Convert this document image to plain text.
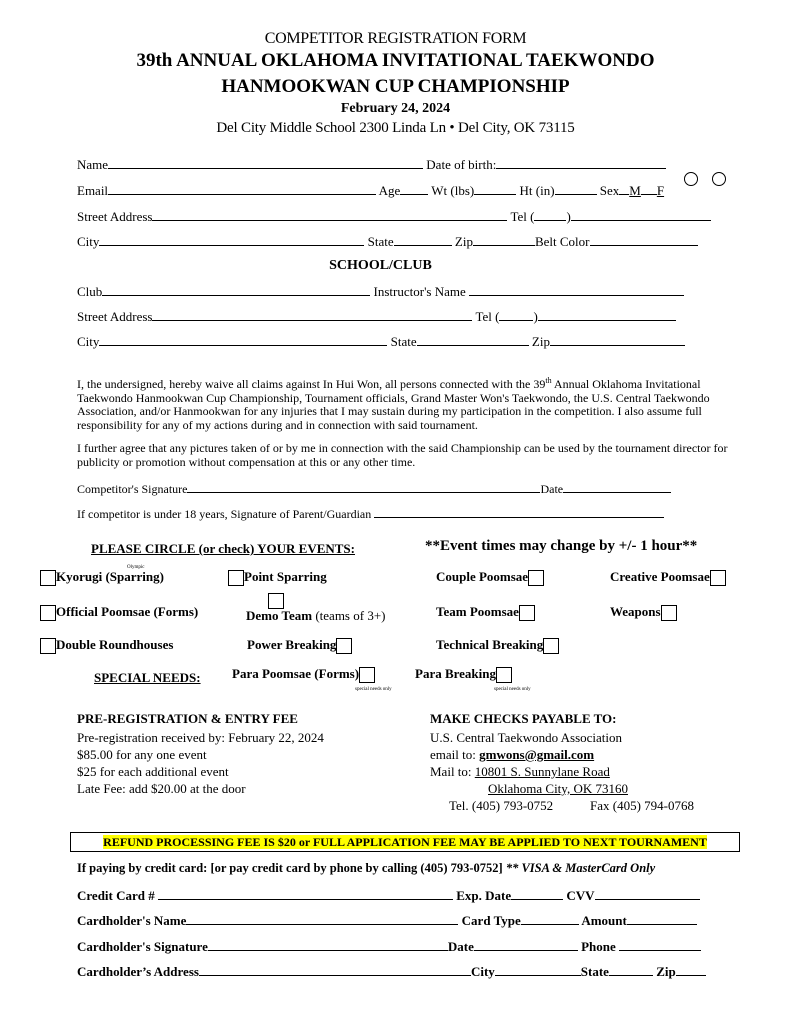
COMPETITOR REGISTRATION FORM
39th ANNUAL OKLAHOMA INVITATIONAL TAEKWONDO
HANMOOKWAN CUP CHAMPIONSHIP
February 24, 2024
Del City Middle School 2300 Linda Ln • Del City, OK 73115
Name	Date of birth:
Email	Age Wt (lbs)	Ht (in)	Sex M F
Street Address	Tel ( )
City	State	Zip	Belt Color
SCHOOL/CLUB
Club	Instructor's Name
Street Address	Tel (	)
City	State	Zip
I, the undersigned, hereby waive all claims against In Hui Won, all persons connected with the 39th Annual Oklahoma Invitational Taekwondo Hanmookwan Cup Championship, Tournament officials, Grand Master Won's Taekwondo, the U.S. Central Taekwondo Association, and/or Hanmookwan for any injuries that I may sustain during my participation in the competition. I also assume full responsibility for any of my actions during and in connection with said tournament.
I further agree that any pictures taken of or by me in connection with the said Championship can be used by the tournament director for publicity or promotion without compensation at this or any other time.
Competitor's Signature	Date
If competitor is under 18 years, Signature of Parent/Guardian
PLEASE CIRCLE (or check) YOUR EVENTS:	**Event times may change by +/- 1 hour**
Olympic
Kyorugi (Sparring)	Point Sparring	Couple Poomsae	Creative Poomsae
Official Poomsae (Forms)	Demo Team (teams of 3+)	Team Poomsae	Weapons
Double Roundhouses	Power Breaking	Technical Breaking
SPECIAL NEEDS: Para Poomsae (Forms)
special needs only
Para Breaking
special needs only
PRE-REGISTRATION & ENTRY FEE
Pre-registration received by: February 22, 2024
$85.00 for any one event
$25 for each additional event
Late Fee: add $20.00 at the door
MAKE CHECKS PAYABLE TO:
U.S. Central Taekwondo Association
email to: gmwons@gmail.com
Mail to: 10801 S. Sunnylane Road
Oklahoma City, OK 73160
Tel. (405) 793-0752	Fax (405) 794-0768
REFUND PROCESSING FEE IS $20 or FULL APPLICATION FEE MAY BE APPLIED TO NEXT TOURNAMENT
If paying by credit card: [or pay credit card by phone by calling (405) 793-0752] ** VISA & MasterCard Only
Credit Card #	Exp. Date	CVV
Cardholder's Name	Card Type	Amount
Cardholder's Signature	Date	Phone
Cardholder’s Address	City	State	Zip
